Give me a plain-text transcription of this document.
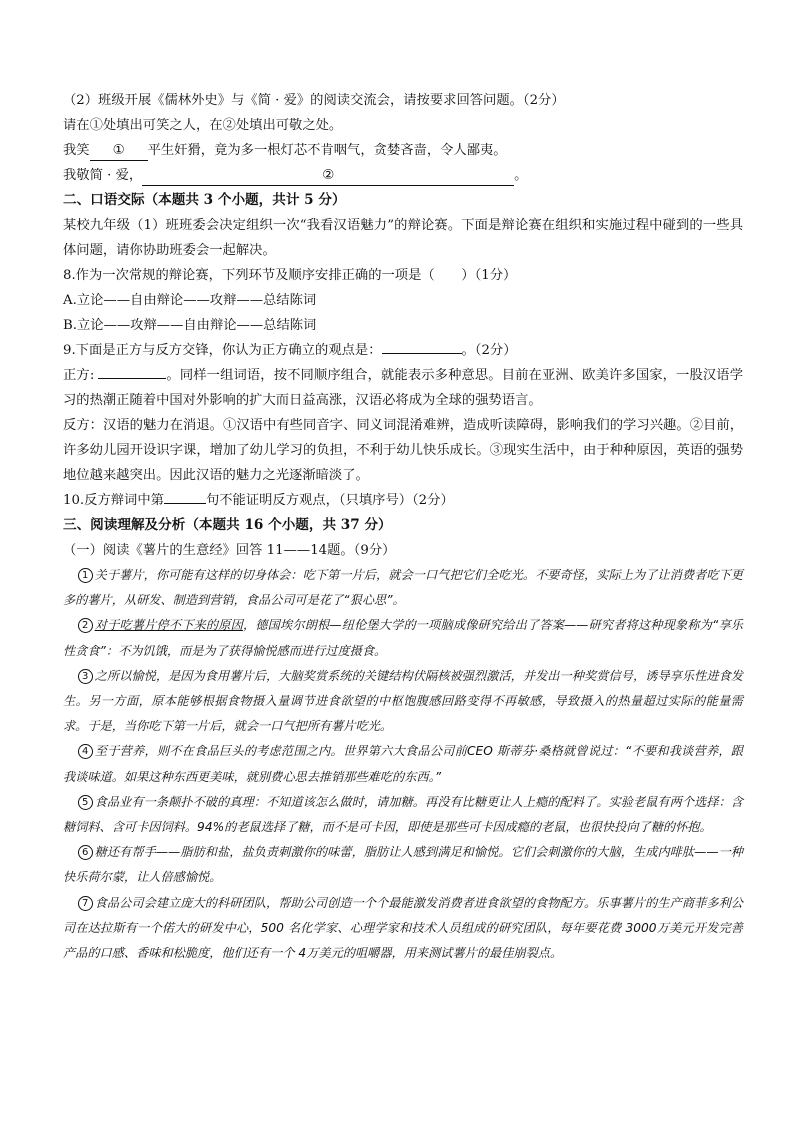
（2）班级开展《儒林外史》与《简 · 爱》的阅读交流会，请按要求回答问题。（2分）
请在①处填出可笑之人，在②处填出可敬之处。
我笑 ① 平生奸猾，竟为多一根灯芯不肯咽气，贪婪吝啬，令人鄙夷。
我敬简 · 爱，	②	。
二、口语交际（本题共 3 个小题，共计 5 分）
某校九年级（1）班班委会决定组织一次“我看汉语魅力”的辩论赛。下面是辩论赛在组织和实施过程中碰到的一些具体问题，请你协助班委会一起解决。
8.作为一次常规的辩论赛，下列环节及顺序安排正确的一项是（　　）（1分）
A.立论——自由辩论——攻辩——总结陈词
B.立论——攻辩——自由辩论——总结陈词
9.下面是正方与反方交锋，你认为正方确立的观点是：	。（2分）
正方:	。同样一组词语，按不同顺序组合，就能表示多种意思。目前在亚洲、欧美许多国家，一股汉语学习的热潮正随着中国对外影响的扩大而日益高涨，汉语必将成为全球的强势语言。
反方：汉语的魅力在消退。①汉语中有些同音字、同义词混淆难辨，造成听读障碍，影响我们的学习兴趣。②目前，许多幼儿园开设识字课，增加了幼儿学习的负担，不利于幼儿快乐成长。③现实生活中，由于种种原因，英语的强势地位越来越突出。因此汉语的魅力之光逐渐暗淡了。
10.反方辩词中第	句不能证明反方观点，（只填序号）（2分）
三、阅读理解及分析（本题共 16 个小题，共 37 分）
（一）阅读《薯片的生意经》回答 11——14题。（9分）

1 关于薯片，你可能有这样的切身体会：吃下第一片后，就会一口气把它们全吃光。不要奇怪，实际上为了让消费者吃下更多的薯片，从研发、制造到营销，食品公司可是花了“狠心思”。

2 对于吃薯片停不下来的原因，德国埃尔朗根—纽伦堡大学的一项脑成像研究给出了答案——研究者将这种现象称为“享乐性贪食”：不为饥饿，而是为了获得愉悦感而进行过度摄食。

3 之所以愉悦，是因为食用薯片后，大脑奖赏系统的关键结构伏隔核被强烈激活，并发出一种奖赏信号，诱导享乐性进食发生。另一方面，原本能够根据食物摄入量调节进食欲望的中枢饱腹感回路变得不再敏感，导致摄入的热量超过实际的能量需求。于是，当你吃下第一片后，就会一口气把所有薯片吃光。

4 至于营养，则不在食品巨头的考虑范围之内。世界第六大食品公司前CEO 斯蒂芬·桑格就曾说过：“不要和我谈营养，跟我谈味道。如果这种东西更美味，就别费心思去推销那些难吃的东西。”

5 食品业有一条颠扑不破的真理：不知道该怎么做时，请加糖。再没有比糖更让人上瘾的配料了。实验老鼠有两个选择：含糖饲料、含可卡因饲料。94%的老鼠选择了糖，而不是可卡因，即使是那些可卡因成瘾的老鼠，也很快投向了糖的怀抱。

6 糖还有帮手——脂肪和盐，盐负责刺激你的味蕾，脂肪让人感到满足和愉悦。它们会刺激你的大脑，生成内啡肽——一种快乐荷尔蒙，让人倍感愉悦。

7 食品公司会建立庞大的科研团队，帮助公司创造一个个最能激发消费者进食欲望的食物配方。乐事薯片的生产商菲多利公司在达拉斯有一个偌大的研发中心，500 名化学家、心理学家和技术人员组成的研究团队，每年要花费 3000万美元开发完善产品的口感、香味和松脆度，他们还有一个 4万美元的咀嚼器，用来测试薯片的最佳崩裂点。
